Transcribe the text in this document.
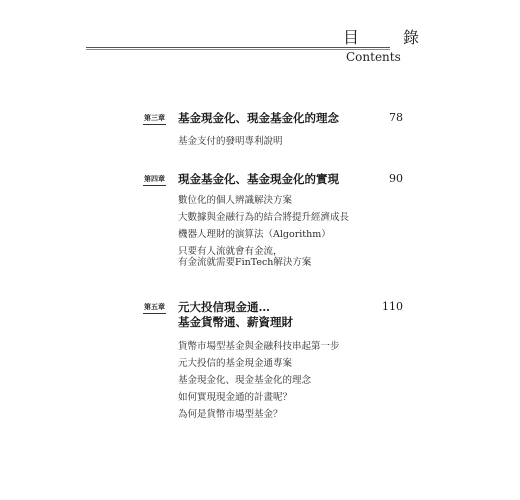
目　錄
Contents
第三章 基金現金化、現金基金化的理念	78
基金支付的發明專利說明
第四章 現金基金化、基金現金化的實現	90
數位化的個人辨識解決方案
大數據與金融行為的結合將提升經濟成長
機器人理財的演算法（Algorithm）
只要有人流就會有金流，
有金流就需要FinTech解決方案
第五章 元大投信現金通…
基金貨幣通、薪資理財
110
貨幣市場型基金與金融科技串起第一步
元大投信的基金現金通專案
基金現金化、現金基金化的理念
如何實現現金通的計畫呢？
為何是貨幣市場型基金？
